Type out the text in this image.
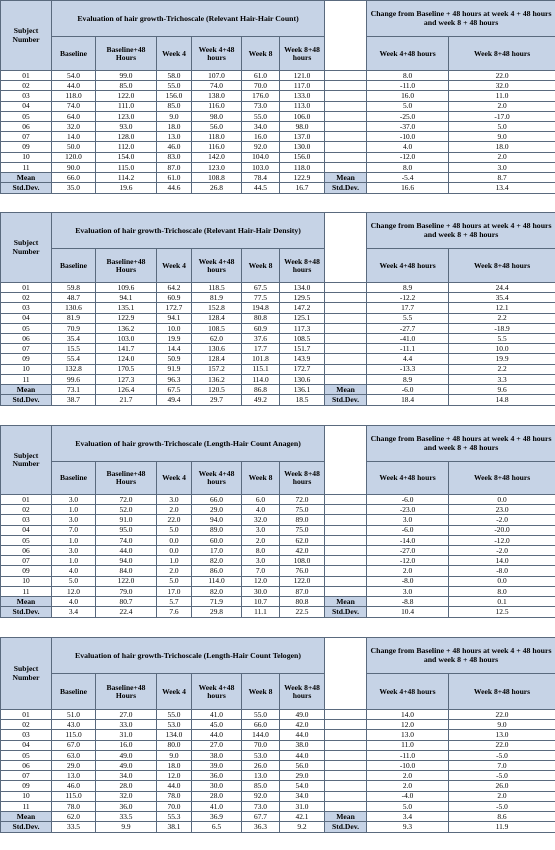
Subject Number	Evaluation of hair growth-Trichoscale (Relevant Hair-Hair Count)							Change from Baseline + 48 hours at week 4 + 48 hours and week 8 + 48 hours	
	Baseline	Baseline+48 Hours	Week 4	Week 4+48 hours	Week 8	Week 8+48 hours		Week 4+48 hours	Week 8+48 hours
01	54.0	99.0	58.0	107.0	61.0	121.0		8.0	22.0
02	44.0	85.0	55.0	74.0	70.0	117.0		-11.0	32.0
03	118.0	122.0	156.0	138.0	176.0	133.0		16.0	11.0
04	74.0	111.0	85.0	116.0	73.0	113.0		5.0	2.0
05	64.0	123.0	9.0	98.0	55.0	106.0		-25.0	-17.0
06	32.0	93.0	18.0	56.0	34.0	98.0		-37.0	5.0
07	14.0	128.0	13.0	118.0	16.0	137.0		-10.0	9.0
09	50.0	112.0	46.0	116.0	92.0	130.0		4.0	18.0
10	120.0	154.0	83.0	142.0	104.0	156.0		-12.0	2.0
11	90.0	115.0	87.0	123.0	103.0	118.0		8.0	3.0
Mean	66.0	114.2	61.0	108.8	78.4	122.9	Mean	-5.4	8.7
Std.Dev.	35.0	19.6	44.6	26.8	44.5	16.7	Std.Dev.	16.6	13.4
Subject Number	Evaluation of hair growth-Trichoscale (Relevant Hair-Hair Density)							Change from Baseline + 48 hours at week 4 + 48 hours and week 8 + 48 hours	
	Baseline	Baseline+48 Hours	Week 4	Week 4+48 hours	Week 8	Week 8+48 hours		Week 4+48 hours	Week 8+48 hours
01	59.8	109.6	64.2	118.5	67.5	134.0		8.9	24.4
02	48.7	94.1	60.9	81.9	77.5	129.5		-12.2	35.4
03	130.6	135.1	172.7	152.8	194.8	147.2		17.7	12.1
04	81.9	122.9	94.1	128.4	80.8	125.1		5.5	2.2
05	70.9	136.2	10.0	108.5	60.9	117.3		-27.7	-18.9
06	35.4	103.0	19.9	62.0	37.6	108.5		-41.0	5.5
07	15.5	141.7	14.4	130.6	17.7	151.7		-11.1	10.0
09	55.4	124.0	50.9	128.4	101.8	143.9		4.4	19.9
10	132.8	170.5	91.9	157.2	115.1	172.7		-13.3	2.2
11	99.6	127.3	96.3	136.2	114.0	130.6		8.9	3.3
Mean	73.1	126.4	67.5	120.5	86.8	136.1	Mean	-6.0	9.6
Std.Dev.	38.7	21.7	49.4	29.7	49.2	18.5	Std.Dev.	18.4	14.8
Subject Number	Evaluation of hair growth-Trichoscale (Length-Hair Count Anagen)							Change from Baseline + 48 hours at week 4 + 48 hours and week 8 + 48 hours	
	Baseline	Baseline+48 Hours	Week 4	Week 4+48 hours	Week 8	Week 8+48 hours		Week 4+48 hours	Week 8+48 hours
01	3.0	72.0	3.0	66.0	6.0	72.0		-6.0	0.0
02	1.0	52.0	2.0	29.0	4.0	75.0		-23.0	23.0
03	3.0	91.0	22.0	94.0	32.0	89.0		3.0	-2.0
04	7.0	95.0	5.0	89.0	3.0	75.0		-6.0	-20.0
05	1.0	74.0	0.0	60.0	2.0	62.0		-14.0	-12.0
06	3.0	44.0	0.0	17.0	8.0	42.0		-27.0	-2.0
07	1.0	94.0	1.0	82.0	3.0	108.0		-12.0	14.0
09	4.0	84.0	2.0	86.0	7.0	76.0		2.0	-8.0
10	5.0	122.0	5.0	114.0	12.0	122.0		-8.0	0.0
11	12.0	79.0	17.0	82.0	30.0	87.0		3.0	8.0
Mean	4.0	80.7	5.7	71.9	10.7	80.8	Mean	-8.8	0.1
Std.Dev.	3.4	22.4	7.6	29.8	11.1	22.5	Std.Dev.	10.4	12.5
Subject Number	Evaluation of hair growth-Trichoscale (Length-Hair Count Telogen)							Change from Baseline + 48 hours at week 4 + 48 hours and week 8 + 48 hours	
	Baseline	Baseline+48 Hours	Week 4	Week 4+48 hours	Week 8	Week 8+48 hours		Week 4+48 hours	Week 8+48 hours
01	51.0	27.0	55.0	41.0	55.0	49.0		14.0	22.0
02	43.0	33.0	53.0	45.0	66.0	42.0		12.0	9.0
03	115.0	31.0	134.0	44.0	144.0	44.0		13.0	13.0
04	67.0	16.0	80.0	27.0	70.0	38.0		11.0	22.0
05	63.0	49.0	9.0	38.0	53.0	44.0		-11.0	-5.0
06	29.0	49.0	18.0	39.0	26.0	56.0		-10.0	7.0
07	13.0	34.0	12.0	36.0	13.0	29.0		2.0	-5.0
09	46.0	28.0	44.0	30.0	85.0	54.0		2.0	26.0
10	115.0	32.0	78.0	28.0	92.0	34.0		-4.0	2.0
11	78.0	36.0	70.0	41.0	73.0	31.0		5.0	-5.0
Mean	62.0	33.5	55.3	36.9	67.7	42.1	Mean	3.4	8.6
Std.Dev.	33.5	9.9	38.1	6.5	36.3	9.2	Std.Dev.	9.3	11.9
